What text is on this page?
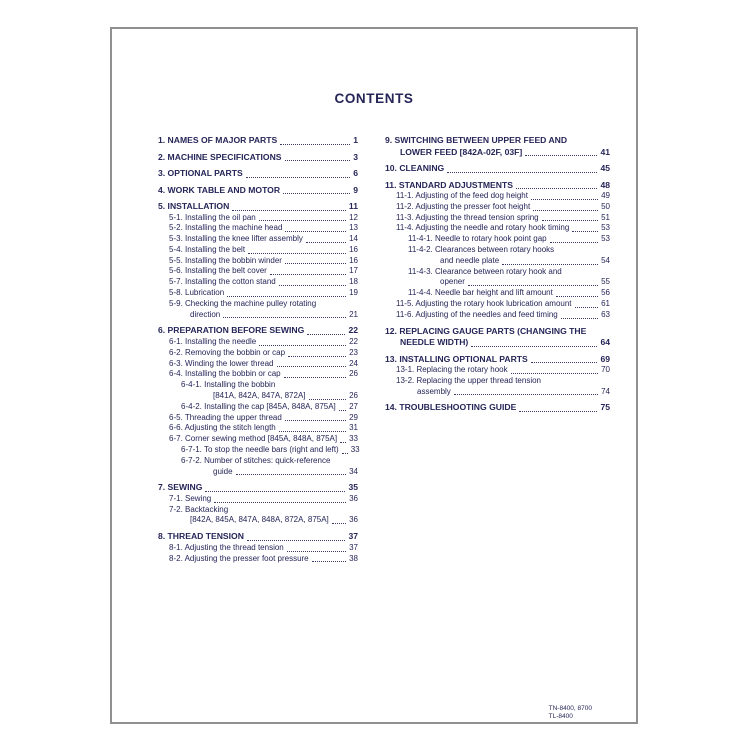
CONTENTS
1. NAMES OF MAJOR PARTS	1
2. MACHINE SPECIFICATIONS	3
3. OPTIONAL PARTS	6
4. WORK TABLE AND MOTOR	9
5. INSTALLATION	11
5-1. Installing the oil pan	12
5-2. Installing the machine head	13
5-3. Installing the knee lifter assembly	14
5-4. Installing the belt	16
5-5. Installing the bobbin winder	16
5-6. Installing the belt cover	17
5-7. Installing the cotton stand	18
5-8. Lubrication	19
5-9. Checking the machine pulley rotating
direction	21
6. PREPARATION BEFORE SEWING	22
6-1. Installing the needle	22
6-2. Removing the bobbin or cap	23
6-3. Winding the lower thread	24
6-4. Installing the bobbin or cap	26
6-4-1. Installing the bobbin
[841A, 842A, 847A, 872A]	26
6-4-2. Installing the cap [845A, 848A, 875A] 27
6-5. Threading the upper thread	29
6-6. Adjusting the stitch length	31
6-7. Corner sewing method [845A, 848A, 875A] 33
6-7-1. To stop the needle bars (right and left) 33
6-7-2. Number of stitches: quick-reference
guide	34
7. SEWING	35
7-1. Sewing	36
7-2. Backtacking
[842A, 845A, 847A, 848A, 872A, 875A]	36
8. THREAD TENSION	37
8-1. Adjusting the thread tension	37
8-2. Adjusting the presser foot pressure	38
9. SWITCHING BETWEEN UPPER FEED AND
LOWER FEED [842A-02F, 03F]	41
10. CLEANING	45
11. STANDARD ADJUSTMENTS	48
11-1. Adjusting of the feed dog height	49
11-2. Adjusting the presser foot height	50
11-3. Adjusting the thread tension spring	51
11-4. Adjusting the needle and rotary hook timing	53
11-4-1. Needle to rotary hook point gap	53
11-4-2. Clearances between rotary hooks
and needle plate	54
11-4-3. Clearance between rotary hook and
opener	55
11-4-4. Needle bar height and lift amount	56
11-5. Adjusting the rotary hook lubrication amount	61
11-6. Adjusting of the needles and feed timing	63
12. REPLACING GAUGE PARTS (CHANGING THE
NEEDLE WIDTH)	64
13. INSTALLING OPTIONAL PARTS	69
13-1. Replacing the rotary hook	70
13-2. Replacing the upper thread tension
assembly	74
14. TROUBLESHOOTING GUIDE	75
TN-8400, 8700
TL-8400
